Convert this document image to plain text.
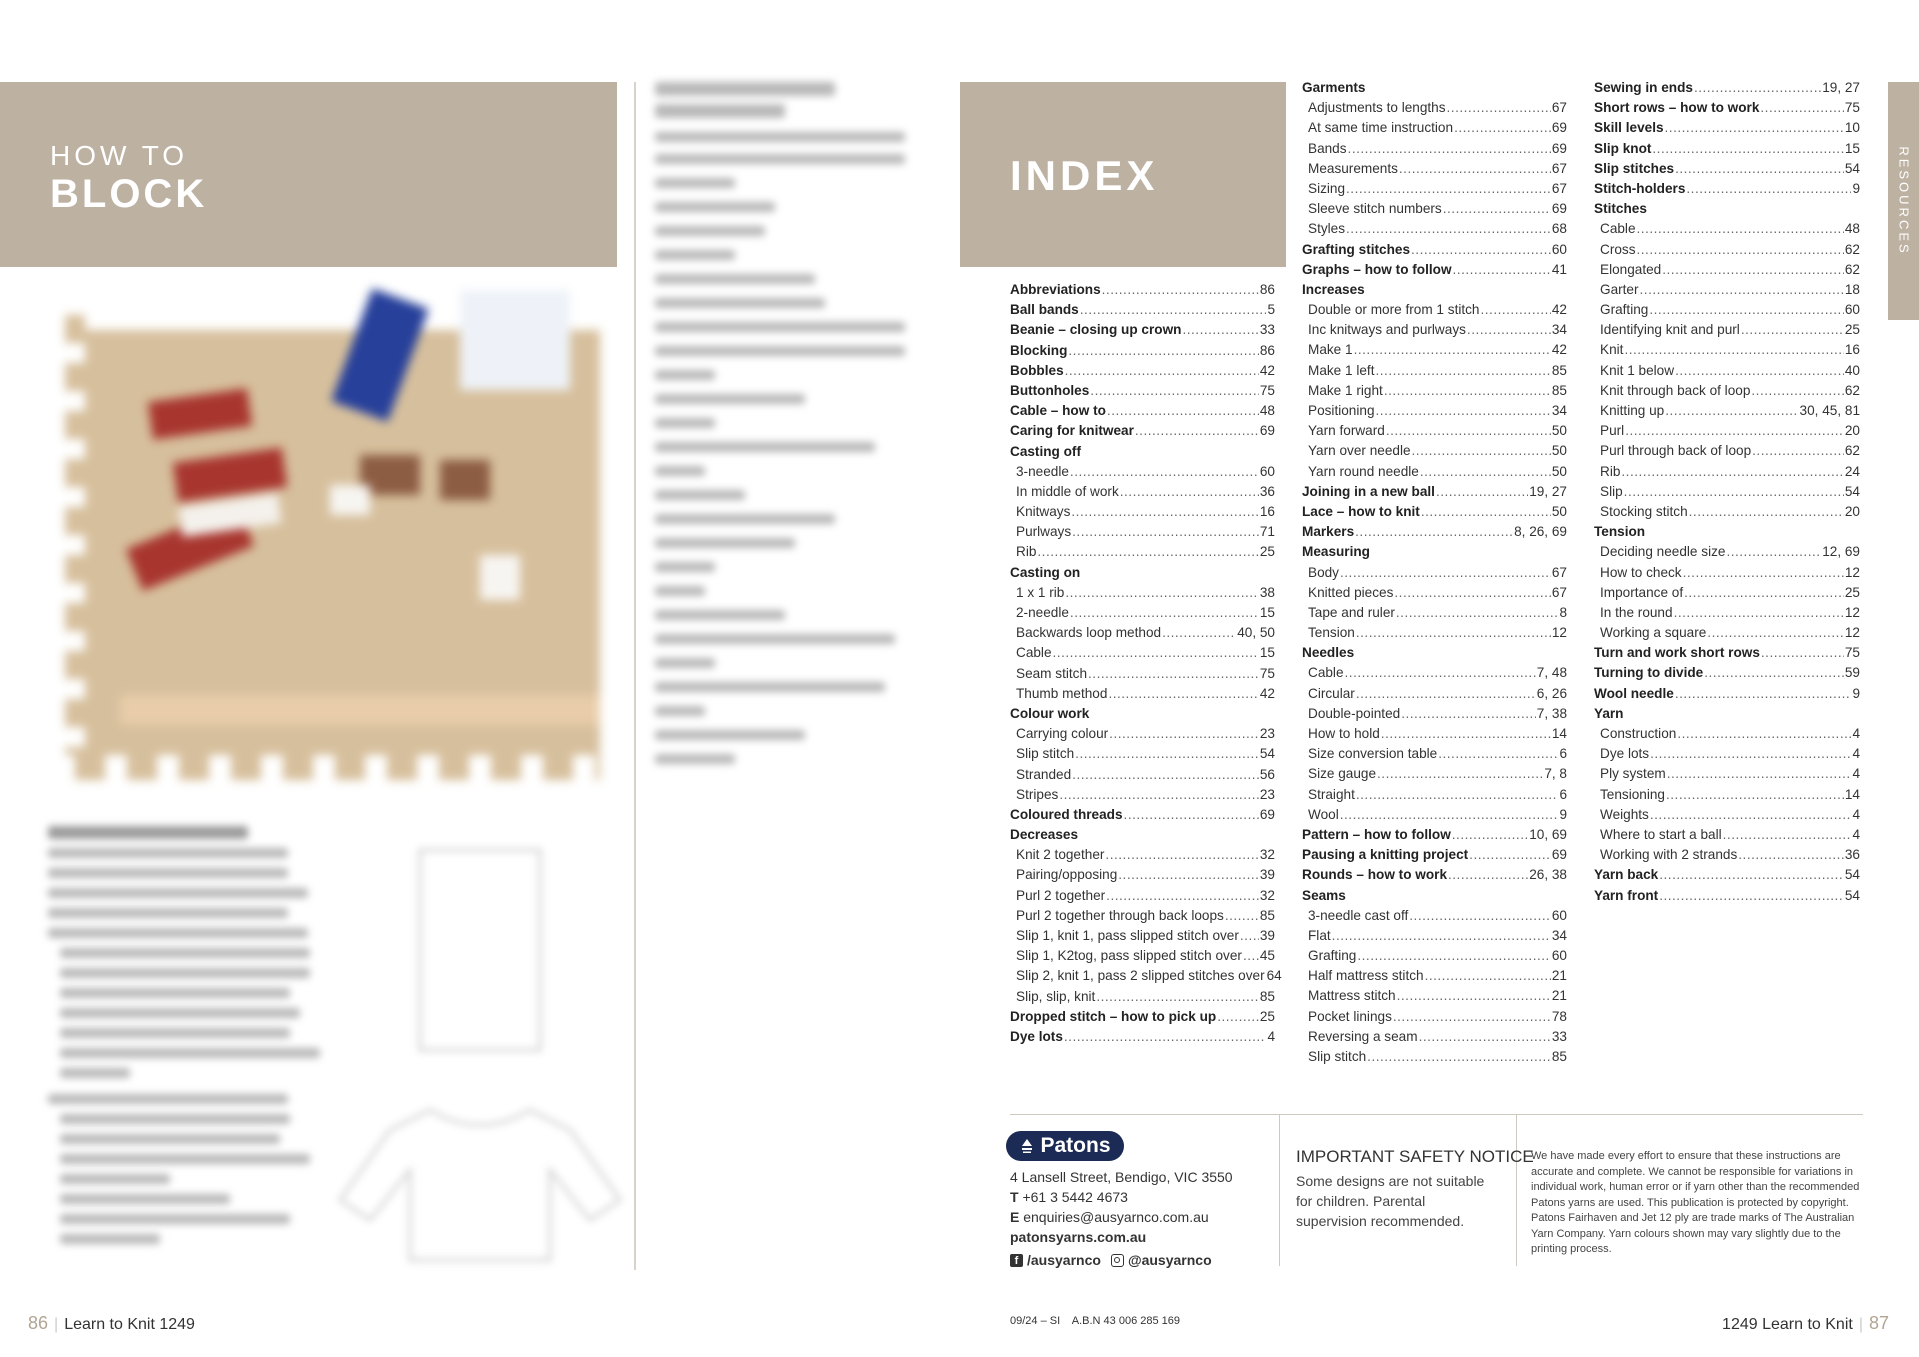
HOW TO
BLOCK
86 | Learn to Knit 1249
INDEX
Abbreviations .....	86
Ball bands .....	5
Beanie – closing up crown .....	33
Blocking .....	86
Bobbles .....	42
Buttonholes .....	75
Cable – how to .....	48
Caring for knitwear .....	69
Casting off
3-needle .....	60
In middle of work .....	36
Knitways .....	16
Purlways .....	71
Rib .....	25
Casting on
1 x 1 rib .....	38
2-needle .....	15
Backwards loop method .....	40, 50
Cable .....	15
Seam stitch .....	75
Thumb method .....	42
Colour work
Carrying colour .....	23
Slip stitch .....	54
Stranded .....	56
Stripes .....	23
Coloured threads .....	69
Decreases
Knit 2 together .....	32
Pairing/opposing .....	39
Purl 2 together .....	32
Purl 2 together through back loops .....	85
Slip 1, knit 1, pass slipped stitch over ..... 39
Slip 1, K2tog, pass slipped stitch over ..... 45
Slip 2, knit 1, pass 2 slipped stitches over 64
Slip, slip, knit .....	85
Dropped stitch – how to pick up .....	25
Dye lots .....	4
Garments
Adjustments to lengths .....	67
At same time instruction .....	69
Bands .....	69
Measurements .....	67
Sizing .....	67
Sleeve stitch numbers .....	69
Styles .....	68
Grafting stitches .....	60
Graphs – how to follow .....	41
Increases
Double or more from 1 stitch .....	42
Inc knitways and purlways .....	34
Make 1 .....	42
Make 1 left .....	85
Make 1 right .....	85
Positioning .....	34
Yarn forward .....	50
Yarn over needle .....	50
Yarn round needle .....	50
Joining in a new ball .....	19, 27
Lace – how to knit .....	50
Markers .....	8, 26, 69
Measuring
Body .....	67
Knitted pieces .....	67
Tape and ruler .....	8
Tension .....	12
Needles
Cable .....	7, 48
Circular .....	6, 26
Double-pointed .....	7, 38
How to hold .....	14
Size conversion table .....	6
Size gauge .....	7, 8
Straight .....	6
Wool .....	9
Pattern – how to follow .....	10, 69
Pausing a knitting project .....	69
Rounds – how to work .....	26, 38
Seams
3-needle cast off .....	60
Flat .....	34
Grafting .....	60
Half mattress stitch .....	21
Mattress stitch .....	21
Pocket linings .....	78
Reversing a seam .....	33
Slip stitch .....	85
Sewing in ends .....	19, 27
Short rows – how to work .....	75
Skill levels .....	10
Slip knot .....	15
Slip stitches .....	54
Stitch-holders .....	9
Stitches
Cable .....	48
Cross .....	62
Elongated .....	62
Garter .....	18
Grafting .....	60
Identifying knit and purl .....	25
Knit .....	16
Knit 1 below .....	40
Knit through back of loop .....	62
Knitting up .....	30, 45, 81
Purl .....	20
Purl through back of loop .....	62
Rib .....	24
Slip .....	54
Stocking stitch .....	20
Tension
Deciding needle size .....	12, 69
How to check .....	12
Importance of .....	25
In the round .....	12
Working a square .....	12
Turn and work short rows .....	75
Turning to divide .....	59
Wool needle .....	9
Yarn
Construction .....	4
Dye lots .....	4
Ply system .....	4
Tensioning .....	14
Weights .....	4
Where to start a ball .....	4
Working with 2 strands .....	36
Yarn back .....	54
Yarn front .....	54
RESOURCES
Patons
4 Lansell Street, Bendigo, VIC 3550
T +61 3 5442 4673
E enquiries@ausyarnco.com.au
patonsyarns.com.au
f /ausyarnco @ausyarnco
IMPORTANT SAFETY NOTICE
Some designs are not suitable for children. Parental supervision recommended.
We have made every effort to ensure that these instructions are accurate and complete. We cannot be responsible for variations in individual work, human error or if yarn other than the recommended Patons yarns are used. This publication is protected by copyright. Patons Fairhaven and Jet 12 ply are trade marks of The Australian Yarn Company. Yarn colours shown may vary slightly due to the printing process.
09/24 – SI    A.B.N 43 006 285 169	1249 Learn to Knit | 87
